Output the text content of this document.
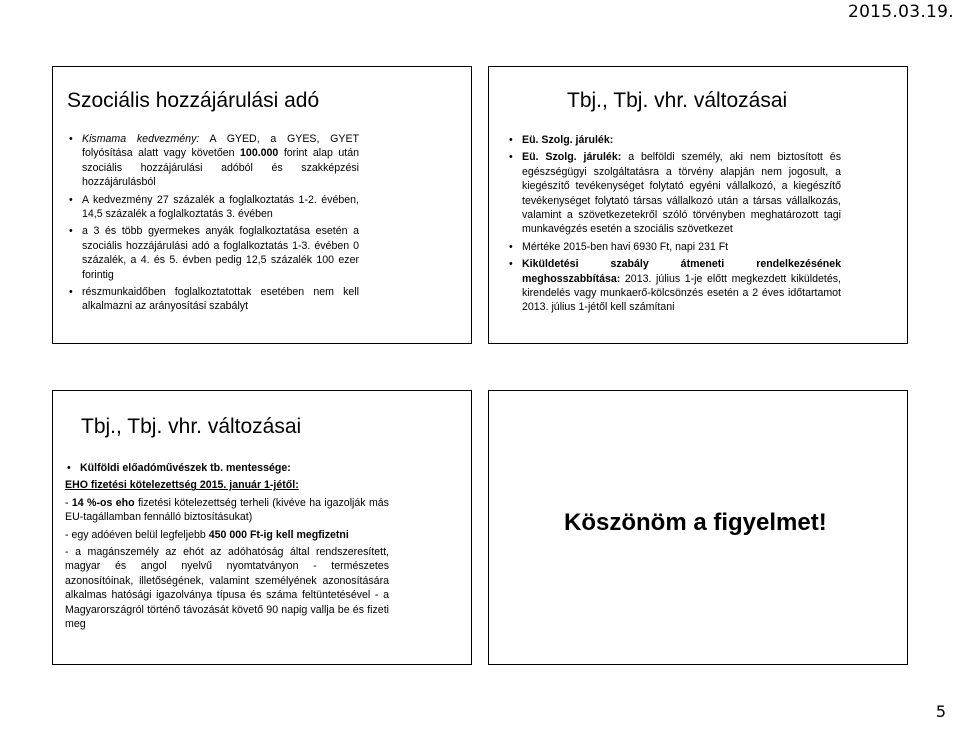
2015.03.19.
Szociális hozzájárulási adó
• Kismama kedvezmény: A GYED, a GYES, GYET folyósítása alatt vagy követően 100.000 forint alap után szociális hozzájárulási adóból és szakképzési hozzájárulásból
• A kedvezmény 27 százalék a foglalkoztatás 1-2. évében, 14,5 százalék a foglalkoztatás 3. évében
• a 3 és több gyermekes anyák foglalkoztatása esetén a szociális hozzájárulási adó a foglalkoztatás 1-3. évében 0 százalék, a 4. és 5. évben pedig 12,5 százalék 100 ezer forintig
• részmunkaidőben foglalkoztatottak esetében nem kell alkalmazni az arányosítási szabályt
Tbj., Tbj. vhr. változásai
• Eü. Szolg. járulék:
• Eü. Szolg. járulék: a belföldi személy, aki nem biztosított és egészségügyi szolgáltatásra a törvény alapján nem jogosult, a kiegészítő tevékenységet folytató egyéni vállalkozó, a kiegészítő tevékenységet folytató társas vállalkozó után a társas vállalkozás, valamint a szövetkezetekről szóló törvényben meghatározott tagi munkavégzés esetén a szociális szövetkezet
• Mértéke 2015-ben havi 6930 Ft, napi 231 Ft
• Kiküldetési szabály átmeneti rendelkezésének meghosszabbítása: 2013. július 1-je előtt megkezdett kiküldetés, kirendelés vagy munkaerő-kölcsönzés esetén a 2 éves időtartamot 2013. július 1-jétől kell számítani
Tbj., Tbj. vhr. változásai
• Külföldi előadóművészek tb. mentessége:
EHO fizetési kötelezettség 2015. január 1-jétől:
- 14 %-os eho fizetési kötelezettség terheli (kivéve ha igazolják más EU-tagállamban fennálló biztosításukat)
- egy adóéven belül legfeljebb 450 000 Ft-ig kell megfizetni
- a magánszemély az ehót az adóhatóság által rendszeresített, magyar és angol nyelvű nyomtatványon - természetes azonosítóinak, illetőségének, valamint személyének azonosítására alkalmas hatósági igazolványa típusa és száma feltüntetésével - a Magyarországról történő távozását követő 90 napig vallja be és fizeti meg
Köszönöm a figyelmet!
5
